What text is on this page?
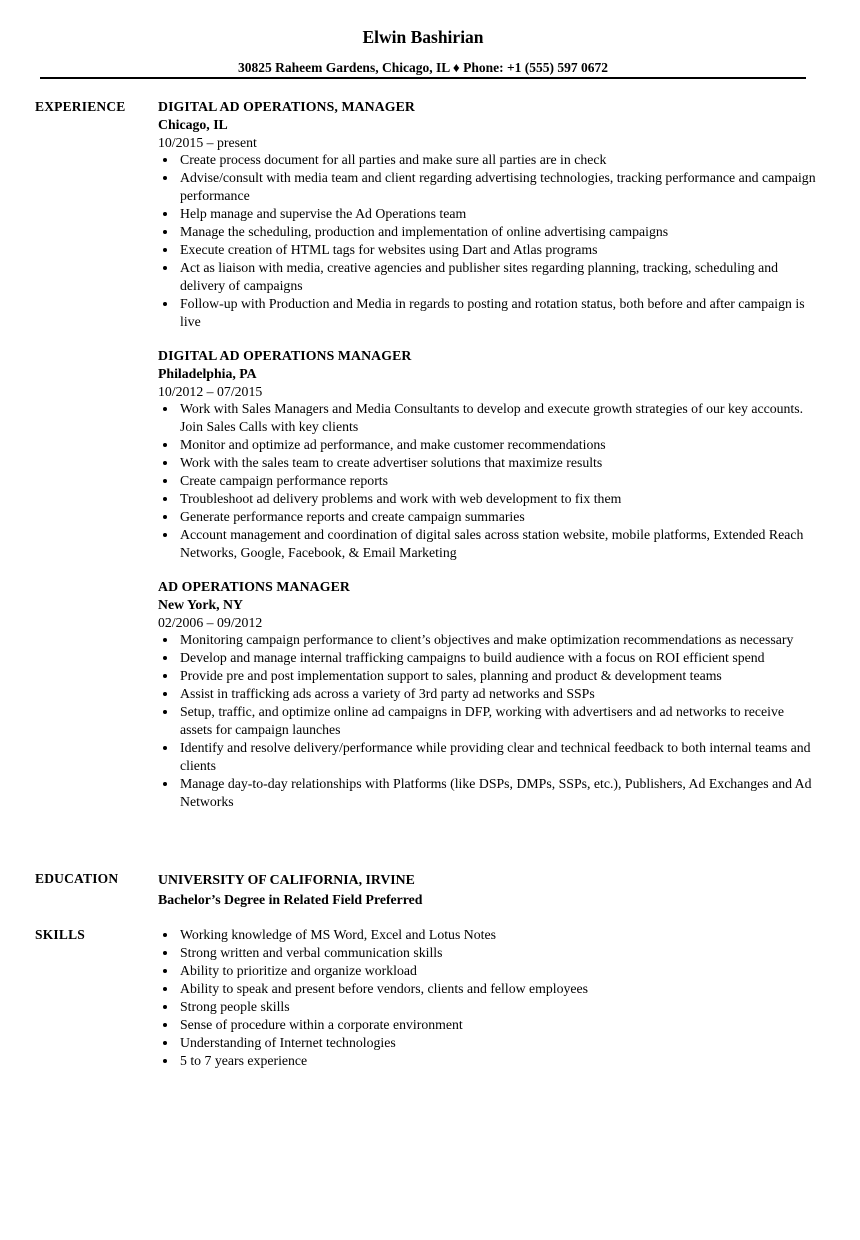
Elwin Bashirian
30825 Raheem Gardens, Chicago, IL ♦ Phone: +1 (555) 597 0672
EXPERIENCE DIGITAL AD OPERATIONS, MANAGER
Chicago, IL
10/2015 – present
Create process document for all parties and make sure all parties are in check
Advise/consult with media team and client regarding advertising technologies, tracking performance and campaign performance
Help manage and supervise the Ad Operations team
Manage the scheduling, production and implementation of online advertising campaigns
Execute creation of HTML tags for websites using Dart and Atlas programs
Act as liaison with media, creative agencies and publisher sites regarding planning, tracking, scheduling and delivery of campaigns
Follow-up with Production and Media in regards to posting and rotation status, both before and after campaign is live
DIGITAL AD OPERATIONS MANAGER
Philadelphia, PA
10/2012 – 07/2015
Work with Sales Managers and Media Consultants to develop and execute growth strategies of our key accounts. Join Sales Calls with key clients
Monitor and optimize ad performance, and make customer recommendations
Work with the sales team to create advertiser solutions that maximize results
Create campaign performance reports
Troubleshoot ad delivery problems and work with web development to fix them
Generate performance reports and create campaign summaries
Account management and coordination of digital sales across station website, mobile platforms, Extended Reach Networks, Google, Facebook, & Email Marketing
AD OPERATIONS MANAGER
New York, NY
02/2006 – 09/2012
Monitoring campaign performance to client’s objectives and make optimization recommendations as necessary
Develop and manage internal trafficking campaigns to build audience with a focus on ROI efficient spend
Provide pre and post implementation support to sales, planning and product & development teams
Assist in trafficking ads across a variety of 3rd party ad networks and SSPs
Setup, traffic, and optimize online ad campaigns in DFP, working with advertisers and ad networks to receive assets for campaign launches
Identify and resolve delivery/performance while providing clear and technical feedback to both internal teams and clients
Manage day-to-day relationships with Platforms (like DSPs, DMPs, SSPs, etc.), Publishers, Ad Exchanges and Ad Networks
EDUCATION	UNIVERSITY OF CALIFORNIA, IRVINE
Bachelor’s Degree in Related Field Preferred
SKILLS	Working knowledge of MS Word, Excel and Lotus Notes
Strong written and verbal communication skills
Ability to prioritize and organize workload
Ability to speak and present before vendors, clients and fellow employees
Strong people skills
Sense of procedure within a corporate environment
Understanding of Internet technologies
5 to 7 years experience
